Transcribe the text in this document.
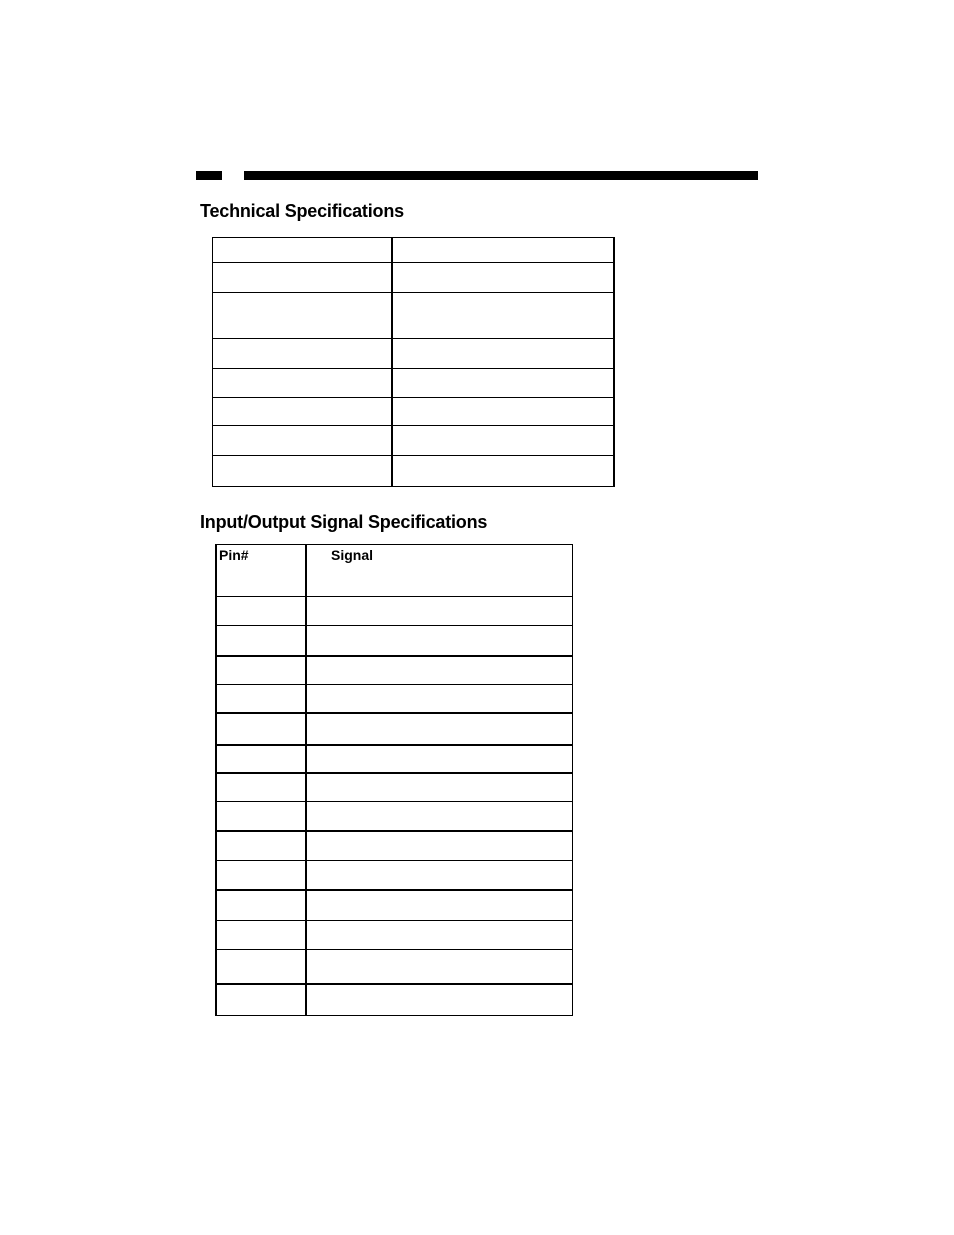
Technical Specifications

Input/Output Signal Specifications
Pin#	Signal
